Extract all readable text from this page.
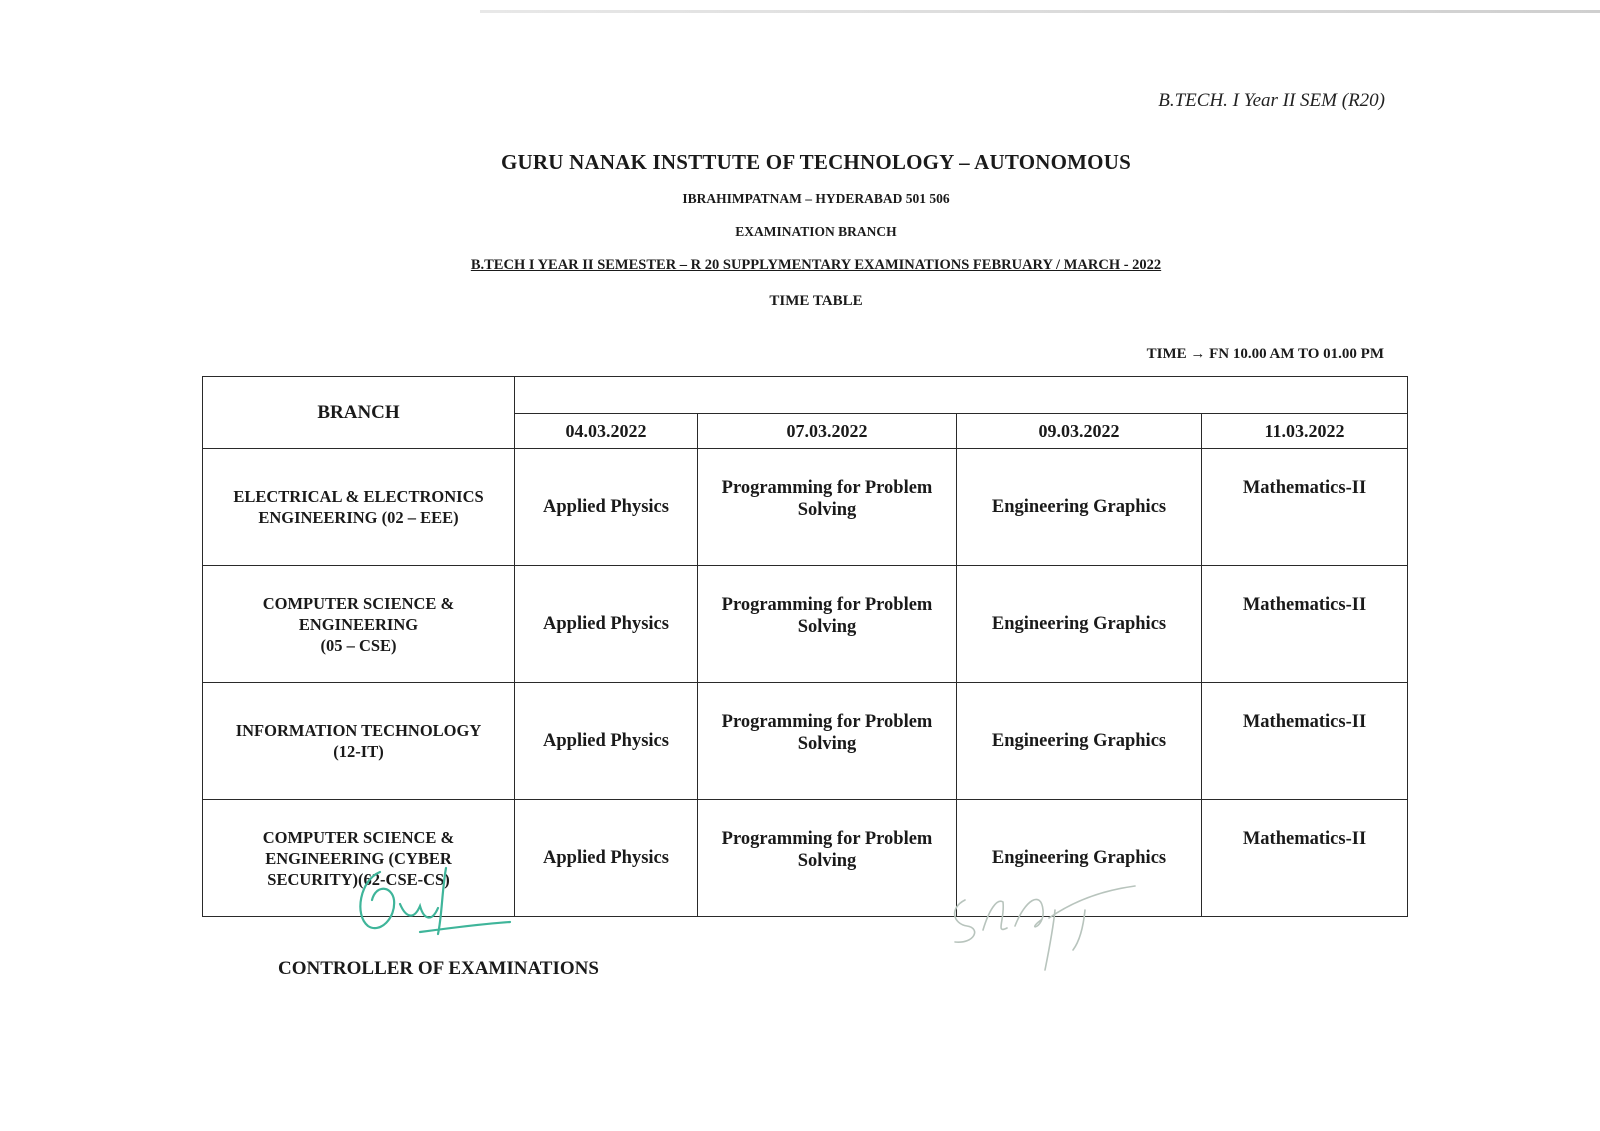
B.TECH. I Year II SEM (R20)
GURU NANAK INSTTUTE OF TECHNOLOGY – AUTONOMOUS
IBRAHIMPATNAM – HYDERABAD 501 506
EXAMINATION BRANCH
B.TECH I YEAR II SEMESTER – R 20 SUPPLYMENTARY EXAMINATIONS FEBRUARY / MARCH - 2022
TIME TABLE
TIME → FN 10.00 AM TO 01.00 PM
BRANCH				
	04.03.2022	07.03.2022	09.03.2022	11.03.2022

ELECTRICAL & ELECTRONICS
ENGINEERING (02 – EEE)	Applied Physics	Programming for Problem Solving	Engineering Graphics	Mathematics-II

COMPUTER SCIENCE &
ENGINEERING
(05 – CSE)	Applied Physics	Programming for Problem Solving	Engineering Graphics	Mathematics-II

INFORMATION TECHNOLOGY
(12-IT)	Applied Physics	Programming for Problem Solving	Engineering Graphics	Mathematics-II

COMPUTER SCIENCE &
ENGINEERING (CYBER
SECURITY)(62-CSE-CS)	Applied Physics	Programming for Problem Solving	Engineering Graphics	Mathematics-II
CONTROLLER OF EXAMINATIONS
